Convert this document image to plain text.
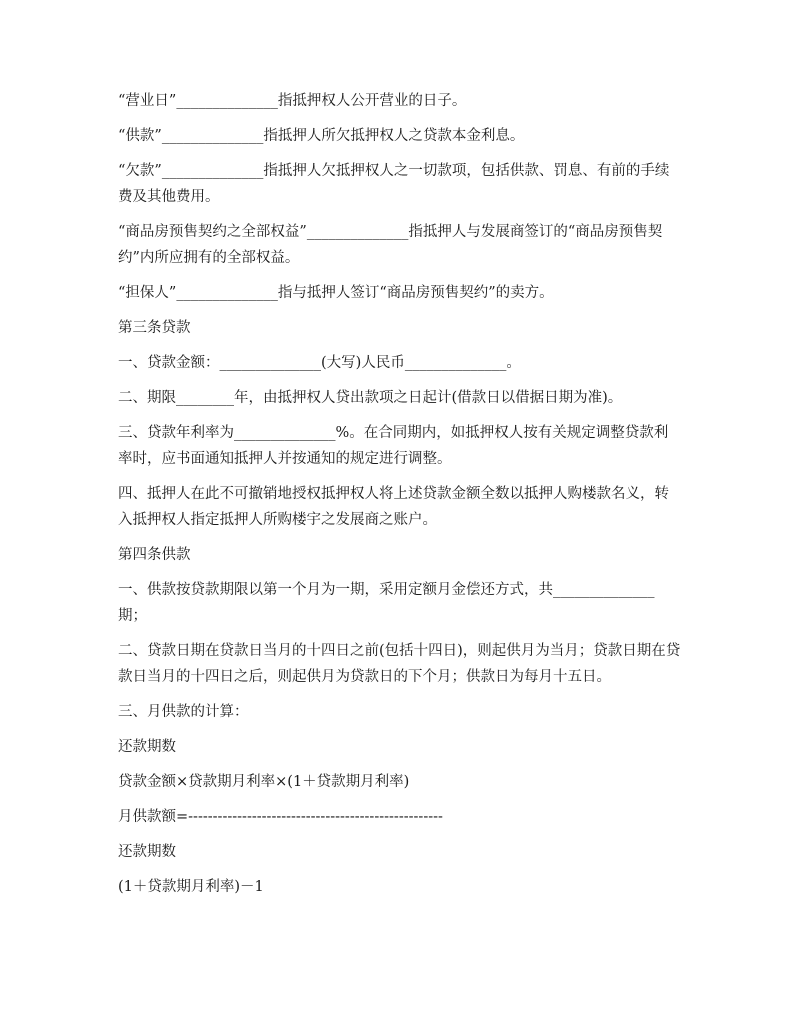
“营业日”______________指抵押权人公开营业的日子。

“供款”______________指抵押人所欠抵押权人之贷款本金利息。

“欠款”______________指抵押人欠抵押权人之一切款项，包括供款、罚息、有前的手续费及其他费用。

“商品房预售契约之全部权益”______________指抵押人与发展商签订的“商品房预售契约”内所应拥有的全部权益。

“担保人”______________指与抵押人签订“商品房预售契约”的卖方。

第三条贷款

一、贷款金额：______________(大写)人民币______________。

二、期限________年，由抵押权人贷出款项之日起计(借款日以借据日期为准)。

三、贷款年利率为______________%。在合同期内，如抵押权人按有关规定调整贷款利率时，应书面通知抵押人并按通知的规定进行调整。

四、抵押人在此不可撤销地授权抵押权人将上述贷款金额全数以抵押人购楼款名义，转入抵押权人指定抵押人所购楼宇之发展商之账户。

第四条供款

一、供款按贷款期限以第一个月为一期，采用定额月金偿还方式，共______________期；

二、贷款日期在贷款日当月的十四日之前(包括十四日)，则起供月为当月；贷款日期在贷款日当月的十四日之后，则起供月为贷款日的下个月；供款日为每月十五日。

三、月供款的计算：

还款期数

贷款金额×贷款期月利率×(1＋贷款期月利率)

月供款额=----------------------------------------------------

还款期数

(1＋贷款期月利率)－1
